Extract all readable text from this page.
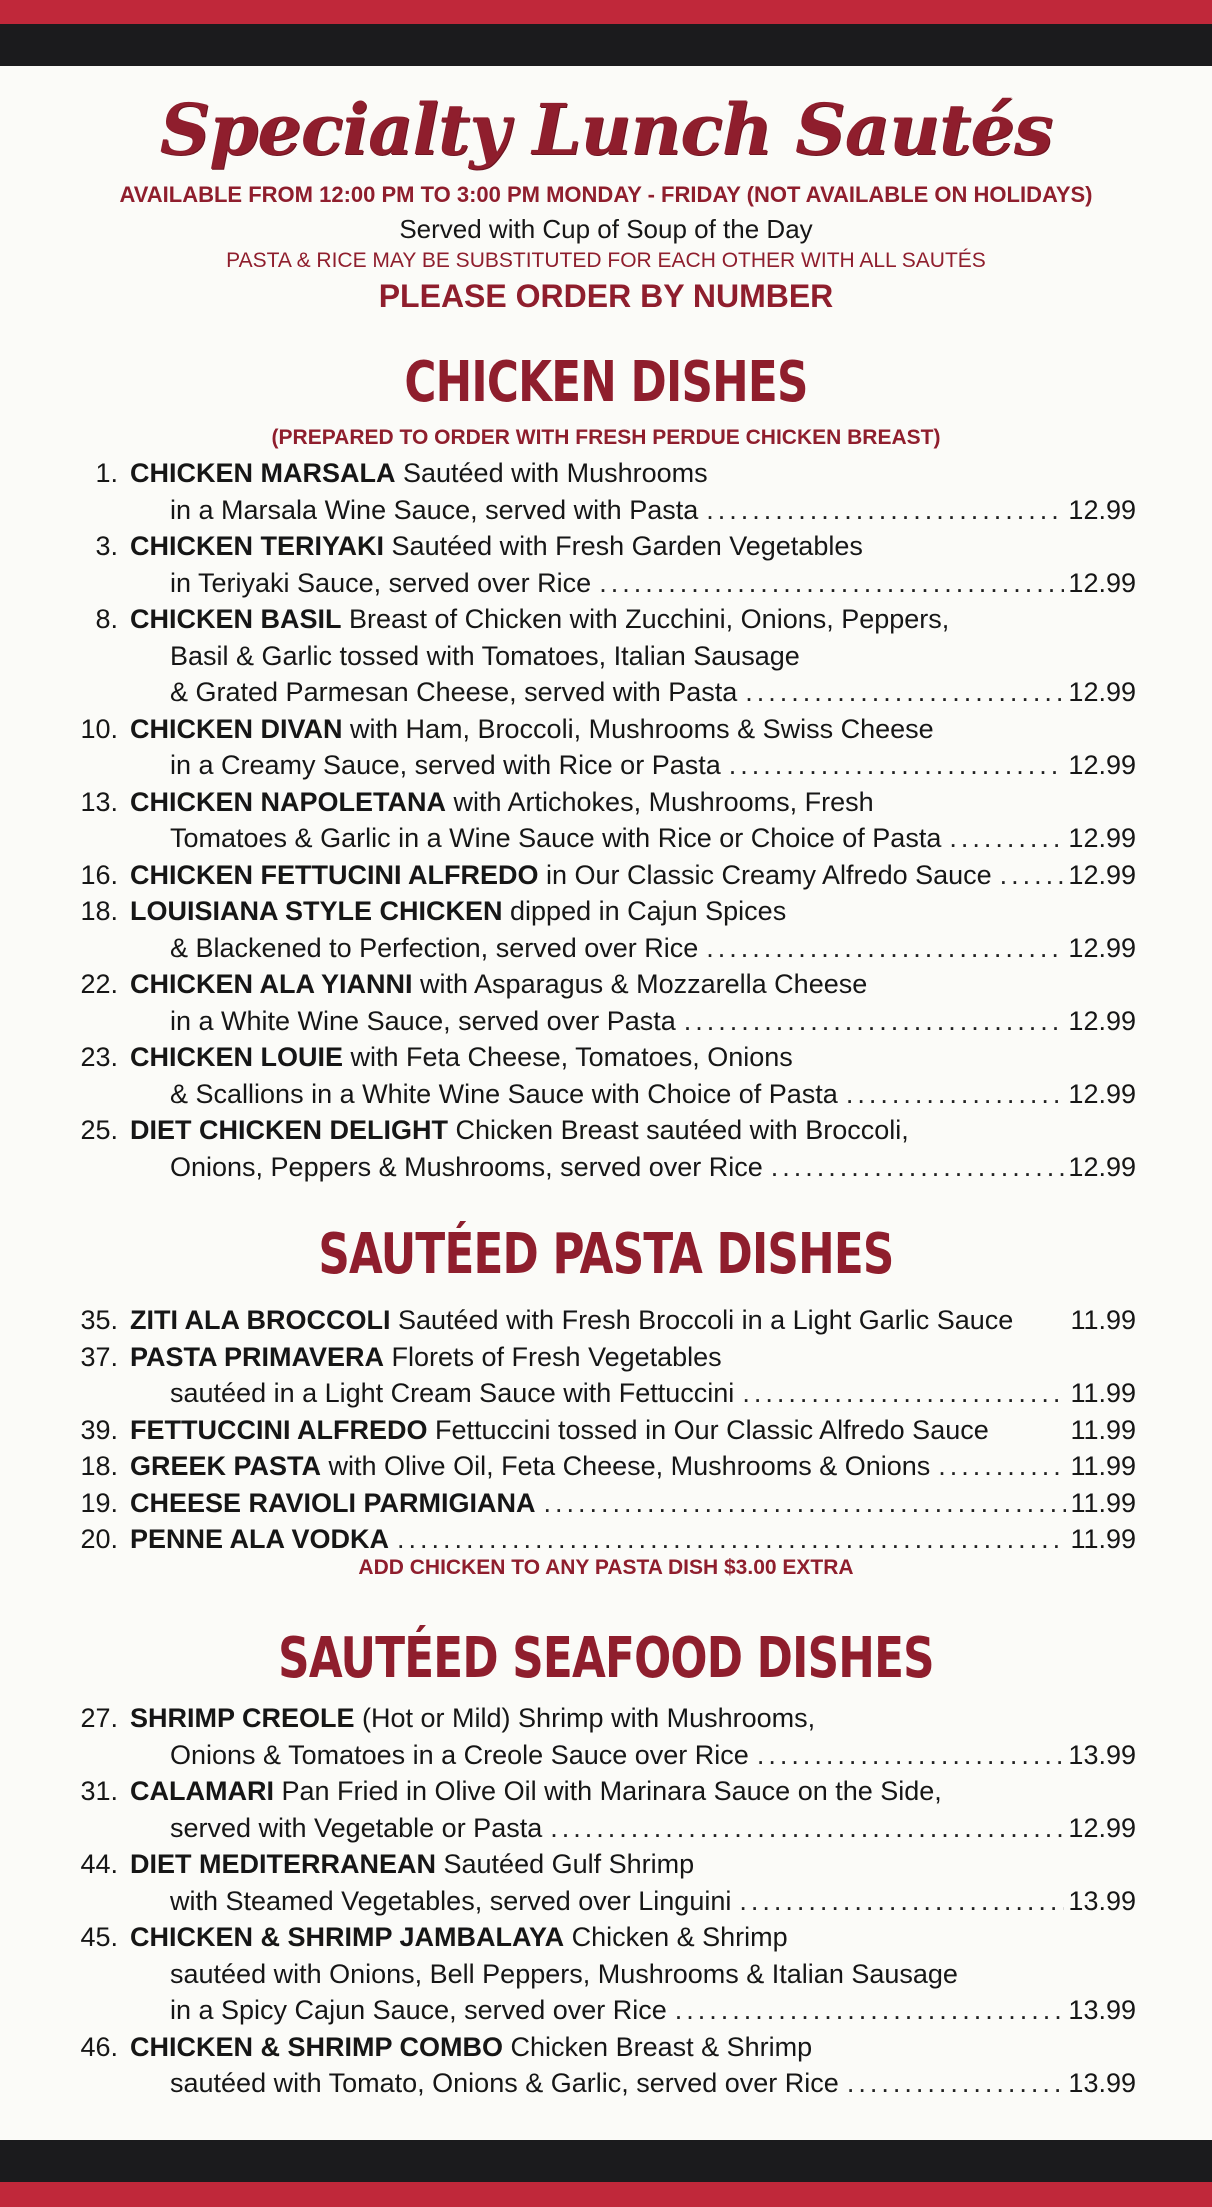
Specialty Lunch Sautés
AVAILABLE FROM 12:00 PM TO 3:00 PM MONDAY - FRIDAY (NOT AVAILABLE ON HOLIDAYS)
Served with Cup of Soup of the Day
PASTA & RICE MAY BE SUBSTITUTED FOR EACH OTHER WITH ALL SAUTÉS
PLEASE ORDER BY NUMBER
CHICKEN DISHES
(PREPARED TO ORDER WITH FRESH PERDUE CHICKEN BREAST)
1. CHICKEN MARSALA Sautéed with Mushrooms
in a Marsala Wine Sauce, served with Pasta .....	12.99
3. CHICKEN TERIYAKI Sautéed with Fresh Garden Vegetables
in Teriyaki Sauce, served over Rice .....	12.99
8. CHICKEN BASIL Breast of Chicken with Zucchini, Onions, Peppers,
Basil & Garlic tossed with Tomatoes, Italian Sausage
& Grated Parmesan Cheese, served with Pasta .....	12.99
10. CHICKEN DIVAN with Ham, Broccoli, Mushrooms & Swiss Cheese
in a Creamy Sauce, served with Rice or Pasta .....	12.99
13. CHICKEN NAPOLETANA with Artichokes, Mushrooms, Fresh
Tomatoes & Garlic in a Wine Sauce with Rice or Choice of Pasta .....	12.99
16. CHICKEN FETTUCINI ALFREDO in Our Classic Creamy Alfredo Sauce .....	12.99
18. LOUISIANA STYLE CHICKEN dipped in Cajun Spices
& Blackened to Perfection, served over Rice .....	12.99
22. CHICKEN ALA YIANNI with Asparagus & Mozzarella Cheese
in a White Wine Sauce, served over Pasta .....	12.99
23. CHICKEN LOUIE with Feta Cheese, Tomatoes, Onions
& Scallions in a White Wine Sauce with Choice of Pasta .....	12.99
25. DIET CHICKEN DELIGHT Chicken Breast sautéed with Broccoli,
Onions, Peppers & Mushrooms, served over Rice .....	12.99
SAUTÉED PASTA DISHES
35. ZITI ALA BROCCOLI Sautéed with Fresh Broccoli in a Light Garlic Sauce 11.99
37. PASTA PRIMAVERA Florets of Fresh Vegetables
sautéed in a Light Cream Sauce with Fettuccini .....	11.99
39. FETTUCCINI ALFREDO Fettuccini tossed in Our Classic Alfredo Sauce	11.99
18. GREEK PASTA with Olive Oil, Feta Cheese, Mushrooms & Onions .....	11.99
19. CHEESE RAVIOLI PARMIGIANA .....	11.99
20. PENNE ALA VODKA .....	11.99
ADD CHICKEN TO ANY PASTA DISH $3.00 EXTRA
SAUTÉED SEAFOOD DISHES
27. SHRIMP CREOLE (Hot or Mild) Shrimp with Mushrooms,
Onions & Tomatoes in a Creole Sauce over Rice .....	13.99
31. CALAMARI Pan Fried in Olive Oil with Marinara Sauce on the Side,
served with Vegetable or Pasta .....	12.99
44. DIET MEDITERRANEAN Sautéed Gulf Shrimp
with Steamed Vegetables, served over Linguini .....	13.99
45. CHICKEN & SHRIMP JAMBALAYA Chicken & Shrimp
sautéed with Onions, Bell Peppers, Mushrooms & Italian Sausage
in a Spicy Cajun Sauce, served over Rice .....	13.99
46. CHICKEN & SHRIMP COMBO Chicken Breast & Shrimp
sautéed with Tomato, Onions & Garlic, served over Rice .....	13.99
